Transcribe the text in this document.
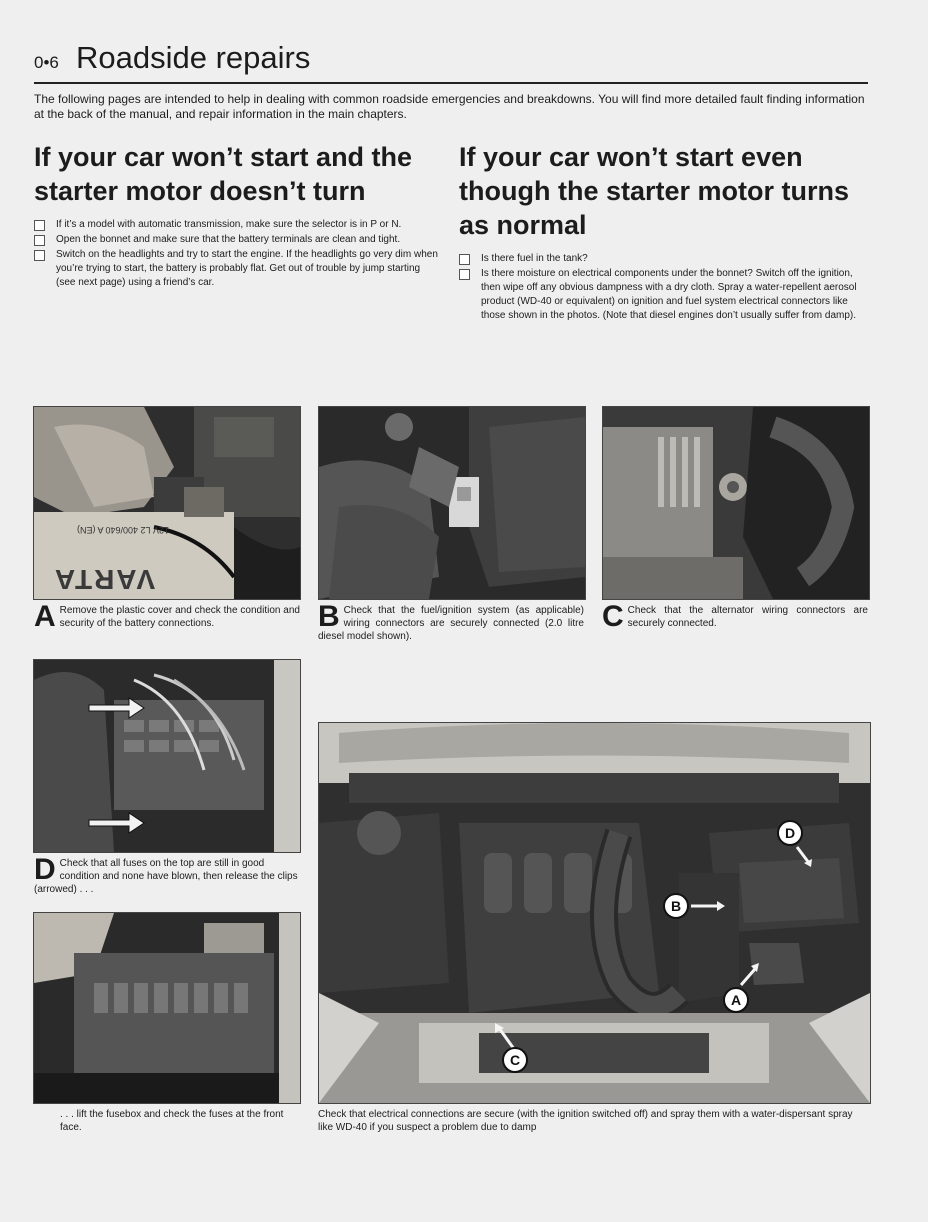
0•6 Roadside repairs

The following pages are intended to help in dealing with common roadside emergencies and breakdowns. You will find more detailed fault finding information at the back of the manual, and repair information in the main chapters.

If your car won’t start and the starter motor doesn’t turn
If it’s a model with automatic transmission, make sure the selector is in P or N.
Open the bonnet and make sure that the battery terminals are clean and tight.
Switch on the headlights and try to start the engine. If the headlights go very dim when you’re trying to start, the battery is probably flat. Get out of trouble by jump starting (see next page) using a friend’s car.
If your car won’t start even though the starter motor turns as normal
Is there fuel in the tank?
Is there moisture on electrical components under the bonnet? Switch off the ignition, then wipe off any obvious dampness with a dry cloth. Spray a water-repellent aerosol product (WD-40 or equivalent) on ignition and fuel system electrical connectors like those shown in the photos. (Note that diesel engines don’t usually suffer from damp).
12V L2 400/640 A (EN)
VARTA
A Remove the plastic cover and check the condition and security of the battery connections.	B Check that the fuel/ignition system (as applicable) wiring connectors are securely connected (2.0 litre diesel model shown).
C Check that the alternator wiring connectors are securely connected.
D Check that all fuses on the top are still in good condition and none have blown, then release the clips (arrowed) . . .
. . . lift the fusebox and check the fuses at the front face.
D
B
A
C
Check that electrical connections are secure (with the ignition switched off) and spray them with a water-dispersant spray like WD-40 if you suspect a problem due to damp
